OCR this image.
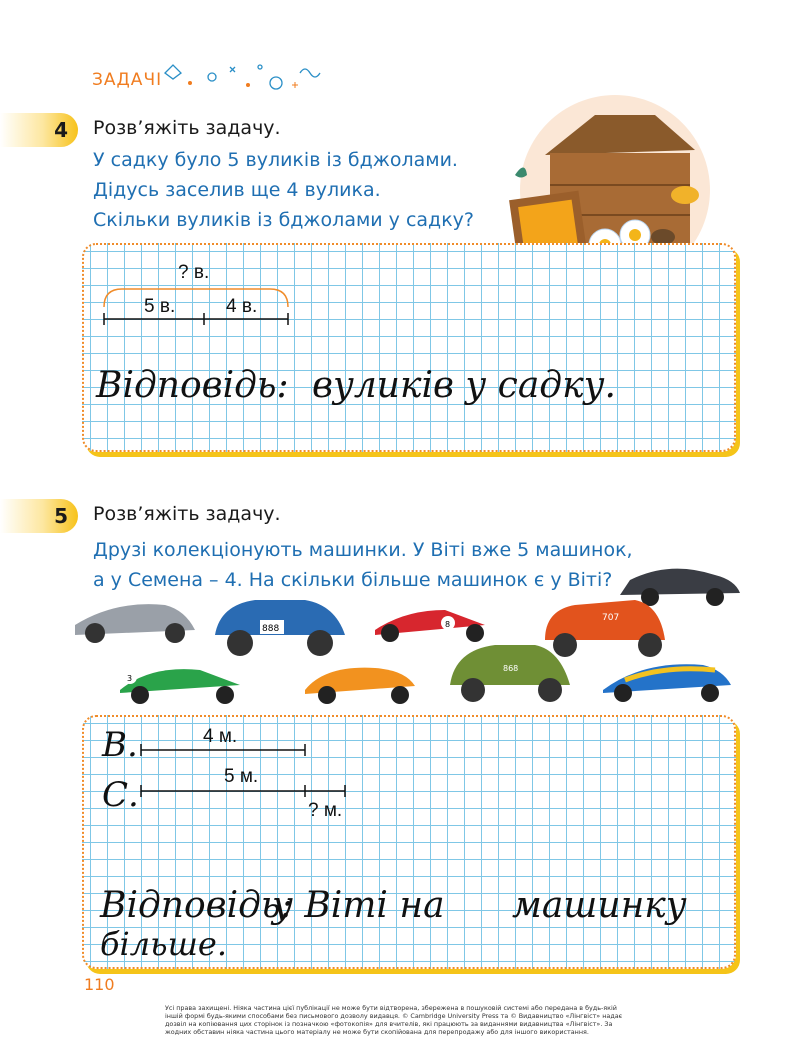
ЗАДАЧІ
4 Розв’яжіть задачу.
У садку було 5 вуликів із бджолами.
Дідусь заселив ще 4 вулика.
Скільки вуликів із бджолами у садку?
? в.
5 в.	4 в.
Відповідь: вуликів у садку.
5 Розв’яжіть задачу.
Друзі колекціонують машинки. У Віті вже 5 машинок,
а у Семена – 4. На скільки більше машинок є у Віті?
888	8
707
3
868
В.	4 м.
С.	5 м.
? м.
Відповідь:
у Віті на машинку
більше.
110
Усі права захищені. Ніяка частина цієї публікації не може бути відтворена, збережена в пошуковій системі або передана в будь-якій іншій формі будь-якими способами без письмового дозволу видавця. © Cambridge University Press та © Видавництво «Лінгвіст» надає дозвіл на копіювання цих сторінок із позначкою «фотокопія» для вчителів, які працюють за виданнями видавництва «Лінгвіст». За жодних обставин ніяка частина цього матеріалу не може бути скопійована для перепродажу або для іншого використання.
